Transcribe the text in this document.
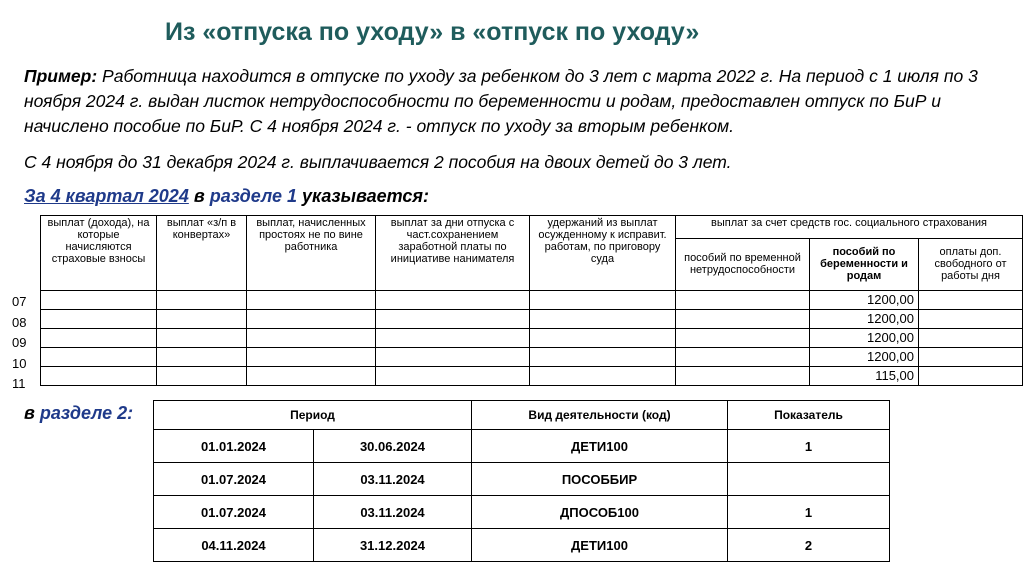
Из «отпуска по уходу» в «отпуск по уходу»
Пример: Работница находится в отпуске по уходу за ребенком до 3 лет с марта 2022 г. На период с 1 июля по 3 ноября 2024 г. выдан листок нетрудоспособности по беременности и родам, предоставлен отпуск по БиР и начислено пособие по БиР. С 4 ноября 2024 г. - отпуск по уходу за вторым ребенком.
С 4 ноября до 31 декабря 2024 г. выплачивается 2 пособия на двоих детей до 3 лет.
За 4 квартал 2024 в разделе 1 указывается:
выплат (дохода), на которые начисляются страховые взносы	выплат «з/п в конвертах»	выплат, начисленных простоях не по вине работника	выплат за дни отпуска с част.сохранением заработной платы по инициативе нанимателя	удержаний из выплат осужденному к исправит. работам, по приговору суда	выплат за счет средств гос. социального страхования		
					пособий по временной нетрудоспособности	пособий по беременности и родам	оплаты доп. свободного от работы дня
						1200,00	
						1200,00	
						1200,00	
						1200,00	
						115,00	
07
08
09
10
11
в разделе 2:	Период		Вид деятельности (код)	Показатель
01.01.2024	30.06.2024	ДЕТИ100	1
01.07.2024	03.11.2024	ПОСОББИР	
01.07.2024	03.11.2024	ДПОСОБ100	1
04.11.2024	31.12.2024	ДЕТИ100	2
